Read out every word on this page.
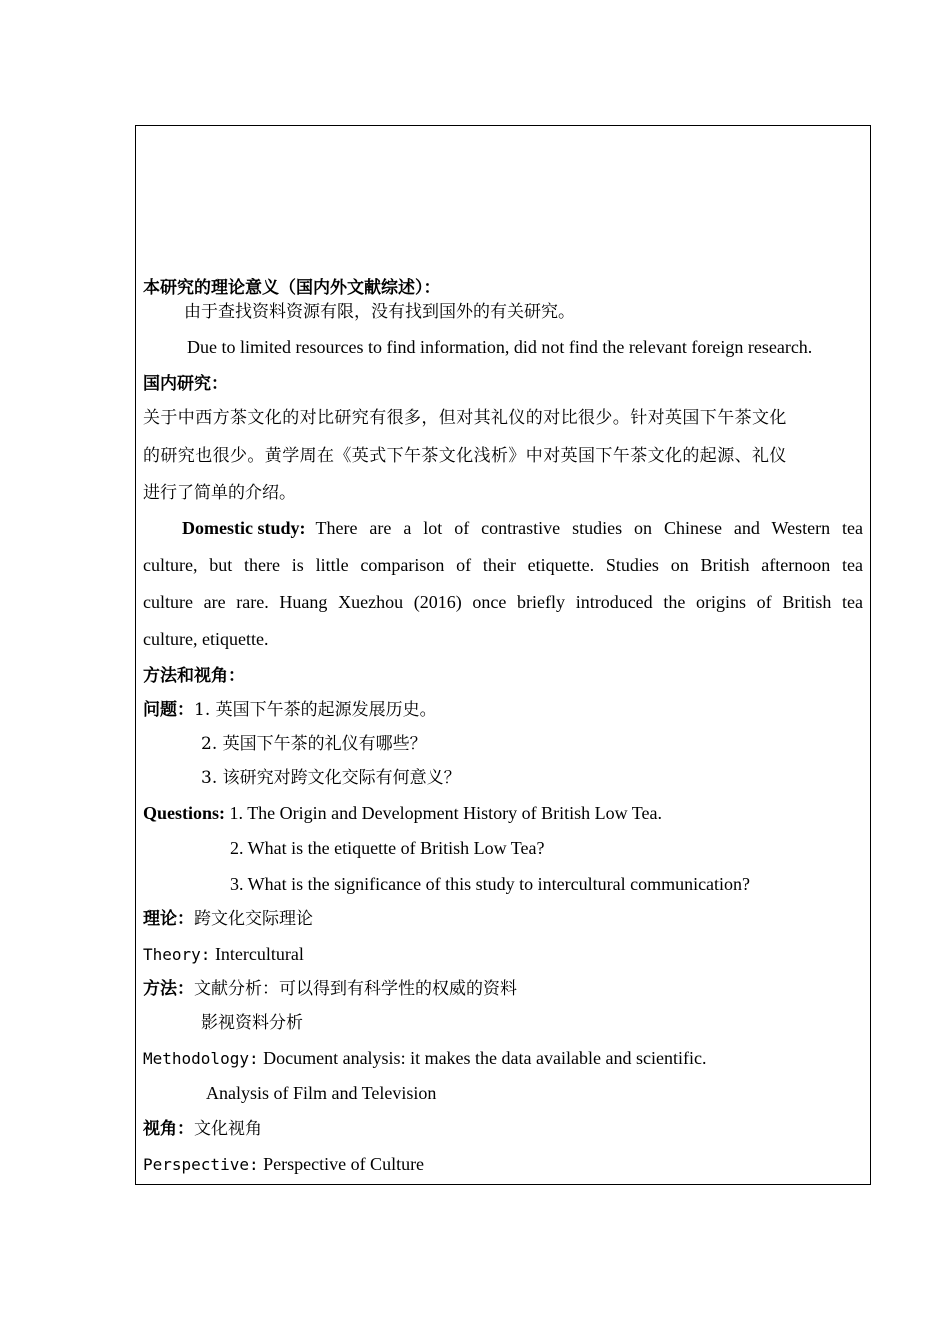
本研究的理论意义（国内外文献综述）：
由于查找资料资源有限，没有找到国外的有关研究。
Due to limited resources to find information, did not find the relevant foreign research.
国内研究：
关于中西方茶文化的对比研究有很多，但对其礼仪的对比很少。针对英国下午茶文化
的研究也很少。黄学周在《英式下午茶文化浅析》中对英国下午茶文化的起源、礼仪
进行了简单的介绍。
Domestic study: There are a lot of contrastive studies on Chinese and Western tea
culture, but there is little comparison of their etiquette. Studies on British afternoon tea
culture are rare. Huang Xuezhou (2016) once briefly introduced the origins of British tea
culture, etiquette.
方法和视角：
问题：1. 英国下午茶的起源发展历史。
2. 英国下午茶的礼仪有哪些？
3. 该研究对跨文化交际有何意义？
Questions: 1. The Origin and Development History of British Low Tea.
2. What is the etiquette of British Low Tea?
3. What is the significance of this study to intercultural communication?
理论：跨文化交际理论
Theory: Intercultural
方法：文献分析：可以得到有科学性的权威的资料
影视资料分析
Methodology: Document analysis: it makes the data available and scientific.
Analysis of Film and Television
视角：文化视角
Perspective: Perspective of Culture
